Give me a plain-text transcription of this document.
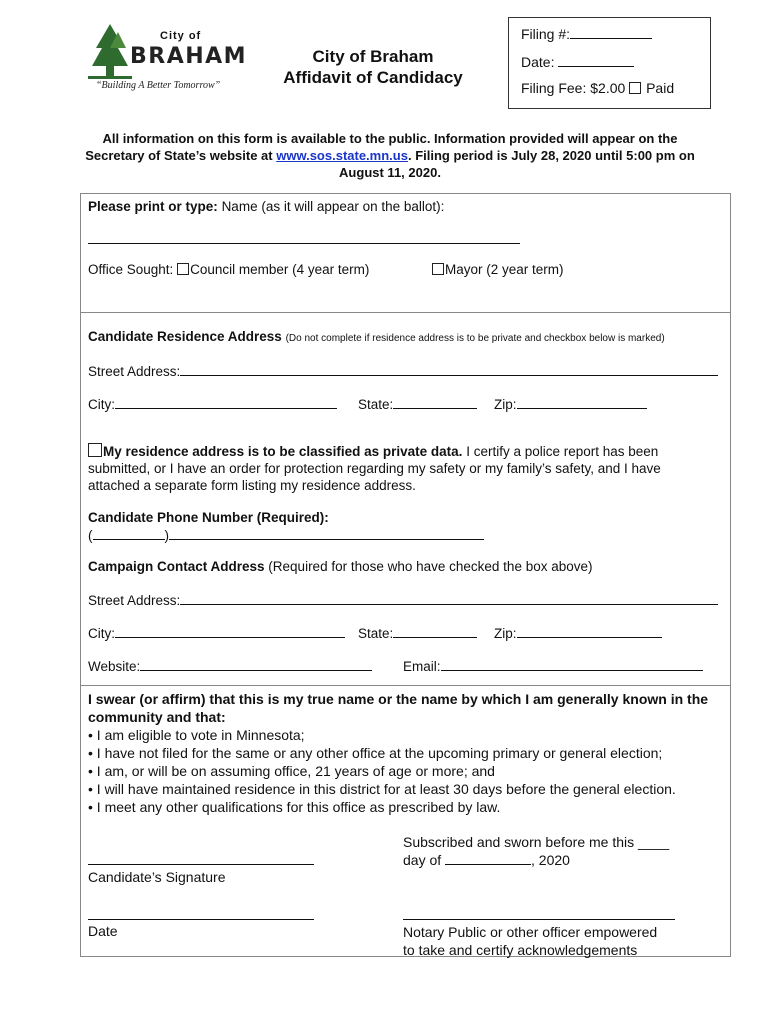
City of
BRAHAM
“Building A Better Tomorrow”
City of Braham
Affidavit of Candidacy
Filing #:
Date:
Filing Fee: $2.00 Paid
All information on this form is available to the public. Information provided will appear on the Secretary of State’s website at www.sos.state.mn.us. Filing period is July 28, 2020 until 5:00 pm on August 11, 2020.
Please print or type: Name (as it will appear on the ballot):
Office Sought: Council member (4 year term)	Mayor (2 year term)
Candidate Residence Address (Do not complete if residence address is to be private and checkbox below is marked)
Street Address:
City:	State:	Zip:
My residence address is to be classified as private data. I certify a police report has been
submitted, or I have an order for protection regarding my safety or my family’s safety, and I have
attached a separate form listing my residence address.
Candidate Phone Number (Required):
(	)
Campaign Contact Address (Required for those who have checked the box above)
Street Address:
City:	State:	Zip:
Website:	Email:
I swear (or affirm) that this is my true name or the name by which I am generally known in the community and that:
• I am eligible to vote in Minnesota;
• I have not filed for the same or any other office at the upcoming primary or general election;
• I am, or will be on assuming office, 21 years of age or more; and
• I will have maintained residence in this district for at least 30 days before the general election.
• I meet any other qualifications for this office as prescribed by law.
Subscribed and sworn before me this ____
day of	, 2020
Candidate’s Signature
Date	Notary Public or other officer empowered
to take and certify acknowledgements
